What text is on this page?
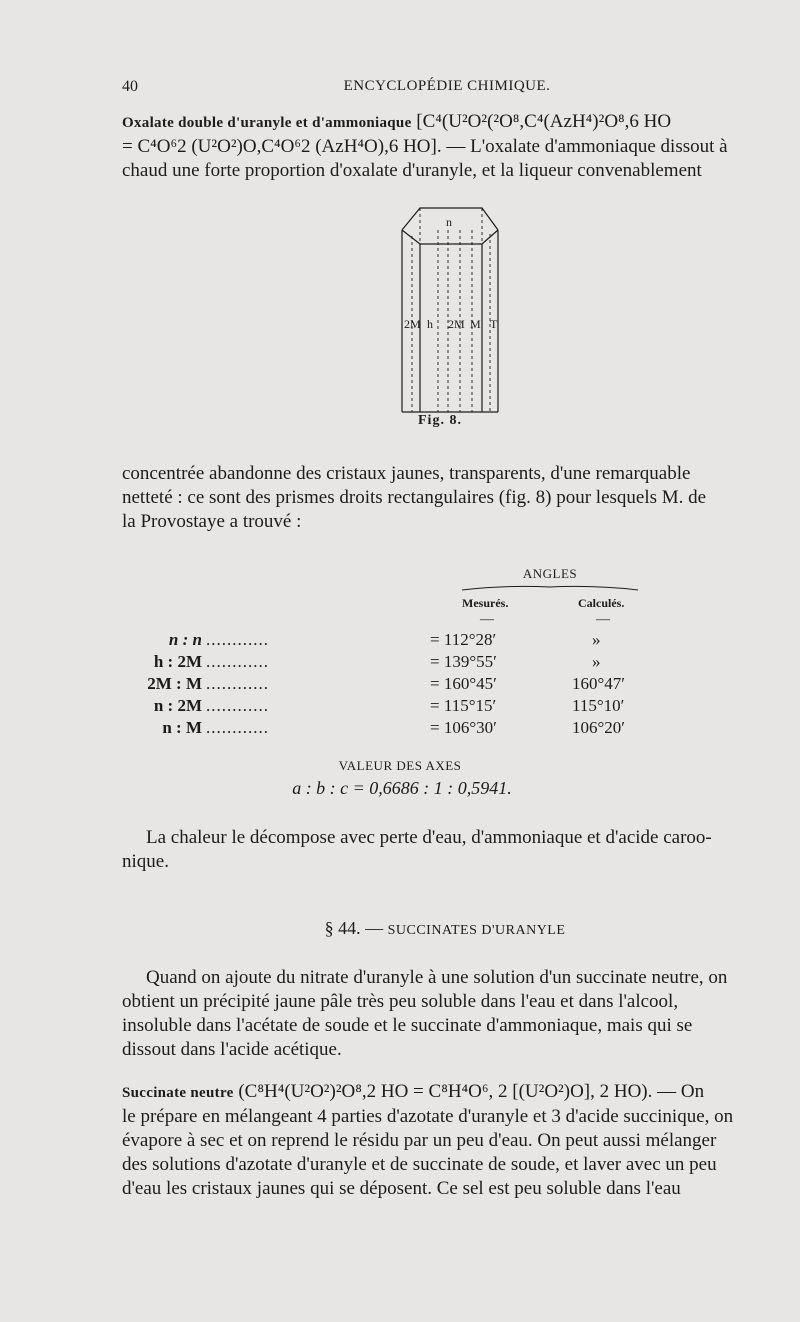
40	ENCYCLOPÉDIE CHIMIQUE.
Oxalate double d'uranyle et d'ammoniaque [C⁴(U²O²(²O⁸,C⁴(AzH⁴)²O⁸,6 HO
= C⁴O⁶2 (U²O²)O,C⁴O⁶2 (AzH⁴O),6 HO]. — L'oxalate d'ammoniaque dissout à
chaud une forte proportion d'oxalate d'uranyle, et la liqueur convenablement
n
2M h 2M M T
Fig. 8.
concentrée abandonne des cristaux jaunes, transparents, d'une remarquable
netteté : ce sont des prismes droits rectangulaires (fig. 8) pour lesquels M. de
la Provostaye a trouvé :
ANGLES
Mesurés.	Calculés.
—	—
n : n ............	= 112°28′	»
h : 2M ............	= 139°55′	»
2M : M ............	= 160°45′	160°47′
n : 2M ............	= 115°15′	115°10′
n : M ............	= 106°30′	106°20′
VALEUR DES AXES
a : b : c = 0,6686 : 1 : 0,5941.
La chaleur le décompose avec perte d'eau, d'ammoniaque et d'acide caroo-
nique.
§ 44. — SUCCINATES D'URANYLE
Quand on ajoute du nitrate d'uranyle à une solution d'un succinate neutre, on
obtient un précipité jaune pâle très peu soluble dans l'eau et dans l'alcool,
insoluble dans l'acétate de soude et le succinate d'ammoniaque, mais qui se
dissout dans l'acide acétique.
Succinate neutre (C⁸H⁴(U²O²)²O⁸,2 HO = C⁸H⁴O⁶, 2 [(U²O²)O], 2 HO). — On
le prépare en mélangeant 4 parties d'azotate d'uranyle et 3 d'acide succinique, on
évapore à sec et on reprend le résidu par un peu d'eau. On peut aussi mélanger
des solutions d'azotate d'uranyle et de succinate de soude, et laver avec un peu
d'eau les cristaux jaunes qui se déposent. Ce sel est peu soluble dans l'eau
